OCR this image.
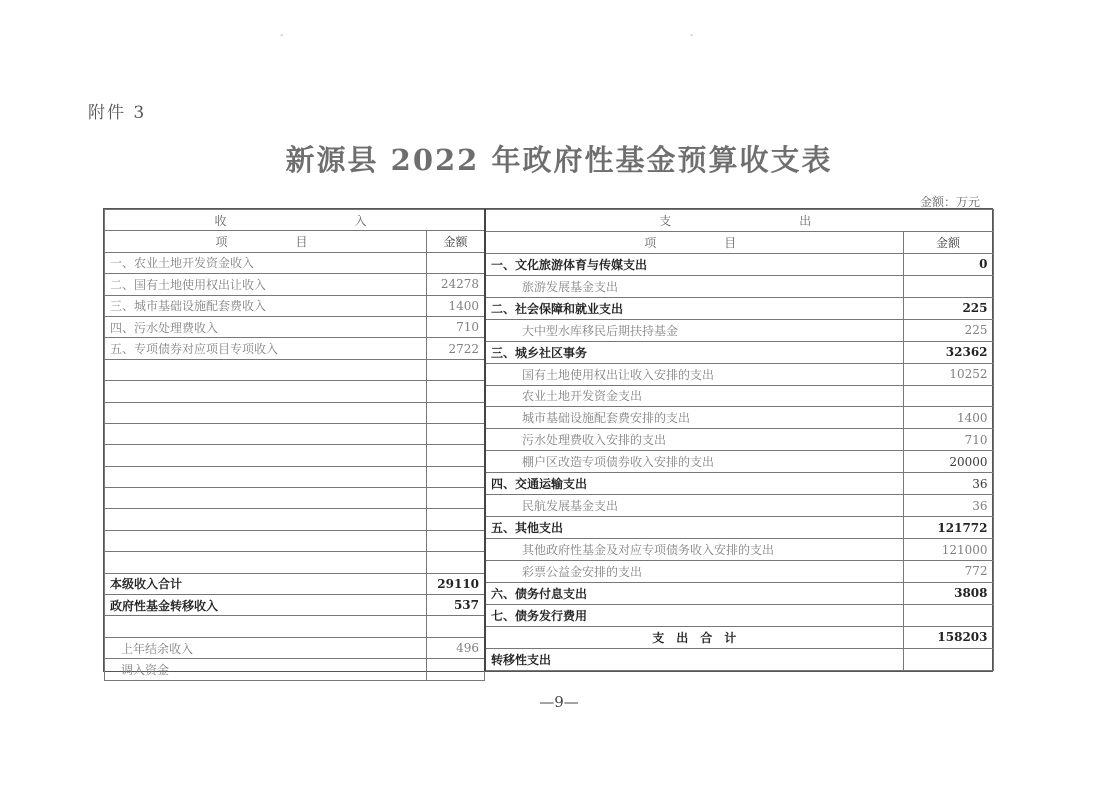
-	-
附件 3
新源县 2022 年政府性基金预算收支表
金额：万元
收　　　　　　入	
项　　　目	金额
一、农业土地开发资金收入	
二、国有土地使用权出让收入	24278
三、城市基础设施配套费收入	1400
四、污水处理费收入	710
五、专项债券对应项目专项收入	2722

本级收入合计	29110
政府性基金转移收入	537

上年结余收入	496
调入资金	
支　　　　　　出	
项　　　目	金额
一、文化旅游体育与传媒支出	0
旅游发展基金支出	
二、社会保障和就业支出	225
大中型水库移民后期扶持基金	225
三、城乡社区事务	32362
国有土地使用权出让收入安排的支出	10252
农业土地开发资金支出	
城市基础设施配套费安排的支出	1400
污水处理费收入安排的支出	710
棚户区改造专项债券收入安排的支出	20000
四、交通运输支出	36
民航发展基金支出	36
五、其他支出	121772
其他政府性基金及对应专项债务收入安排的支出	121000
彩票公益金安排的支出	772
六、债务付息支出	3808
七、债务发行费用	
支　出　合　计	158203
转移性支出	
—9—
